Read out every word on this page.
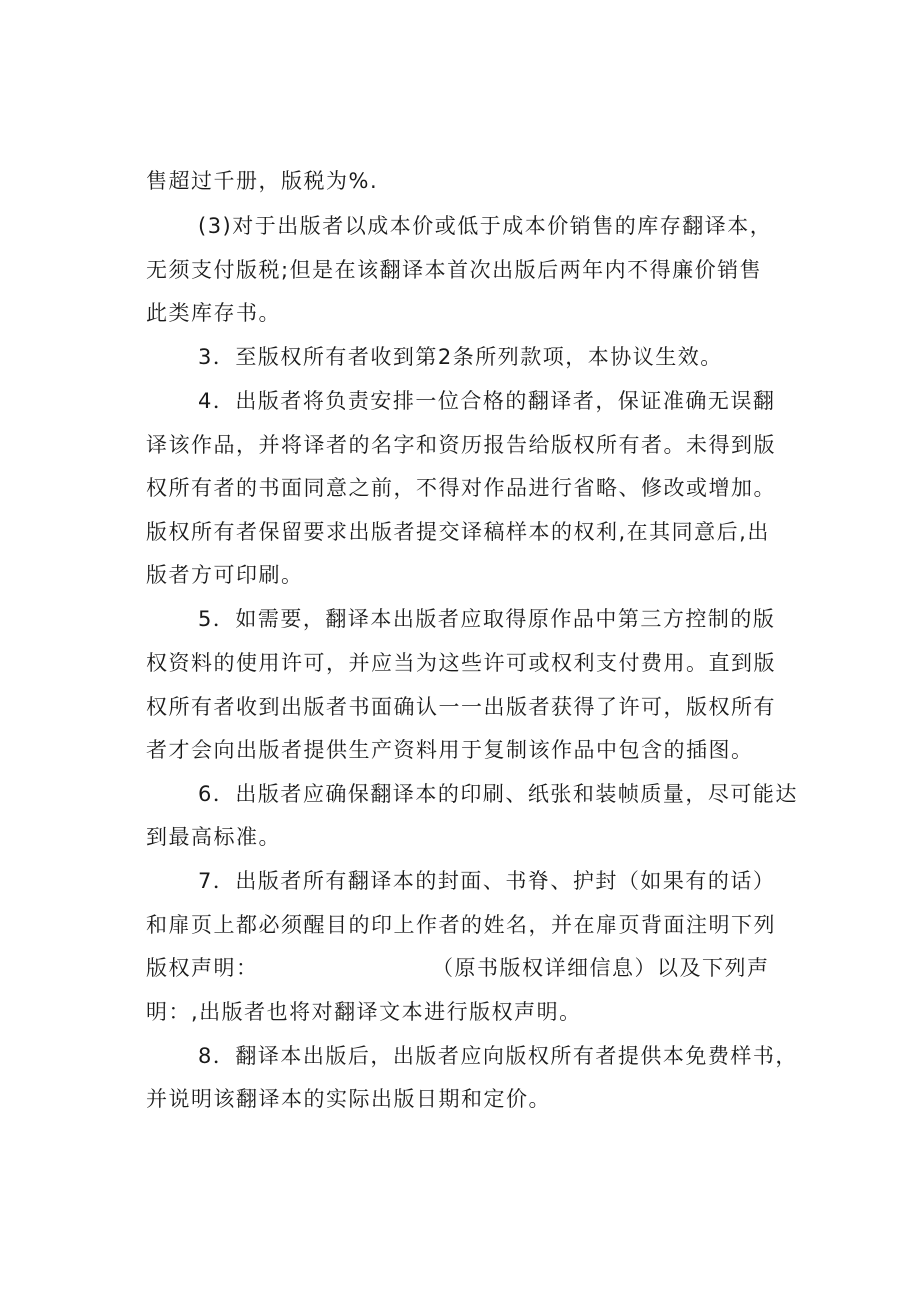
售超过千册，版税为%.
(3)对于出版者以成本价或低于成本价销售的库存翻译本，
无须支付版税;但是在该翻译本首次出版后两年内不得廉价销售
此类库存书。
3．至版权所有者收到第2条所列款项，本协议生效。
4．出版者将负责安排一位合格的翻译者，保证准确无误翻
译该作品，并将译者的名字和资历报告给版权所有者。未得到版
权所有者的书面同意之前，不得对作品进行省略、修改或增加。
版权所有者保留要求出版者提交译稿样本的权利,在其同意后,出
版者方可印刷。
5．如需要，翻译本出版者应取得原作品中第三方控制的版
权资料的使用许可，并应当为这些许可或权利支付费用。直到版
权所有者收到出版者书面确认一一出版者获得了许可，版权所有
者才会向出版者提供生产资料用于复制该作品中包含的插图。
6．出版者应确保翻译本的印刷、纸张和装帧质量，尽可能达
到最高标准。
7．出版者所有翻译本的封面、书脊、护封（如果有的话）
和扉页上都必须醒目的印上作者的姓名，并在扉页背面注明下列
版权声明：	（原书版权详细信息）以及下列声
明：,出版者也将对翻译文本进行版权声明。
8．翻译本出版后，出版者应向版权所有者提供本免费样书，
并说明该翻译本的实际出版日期和定价。
